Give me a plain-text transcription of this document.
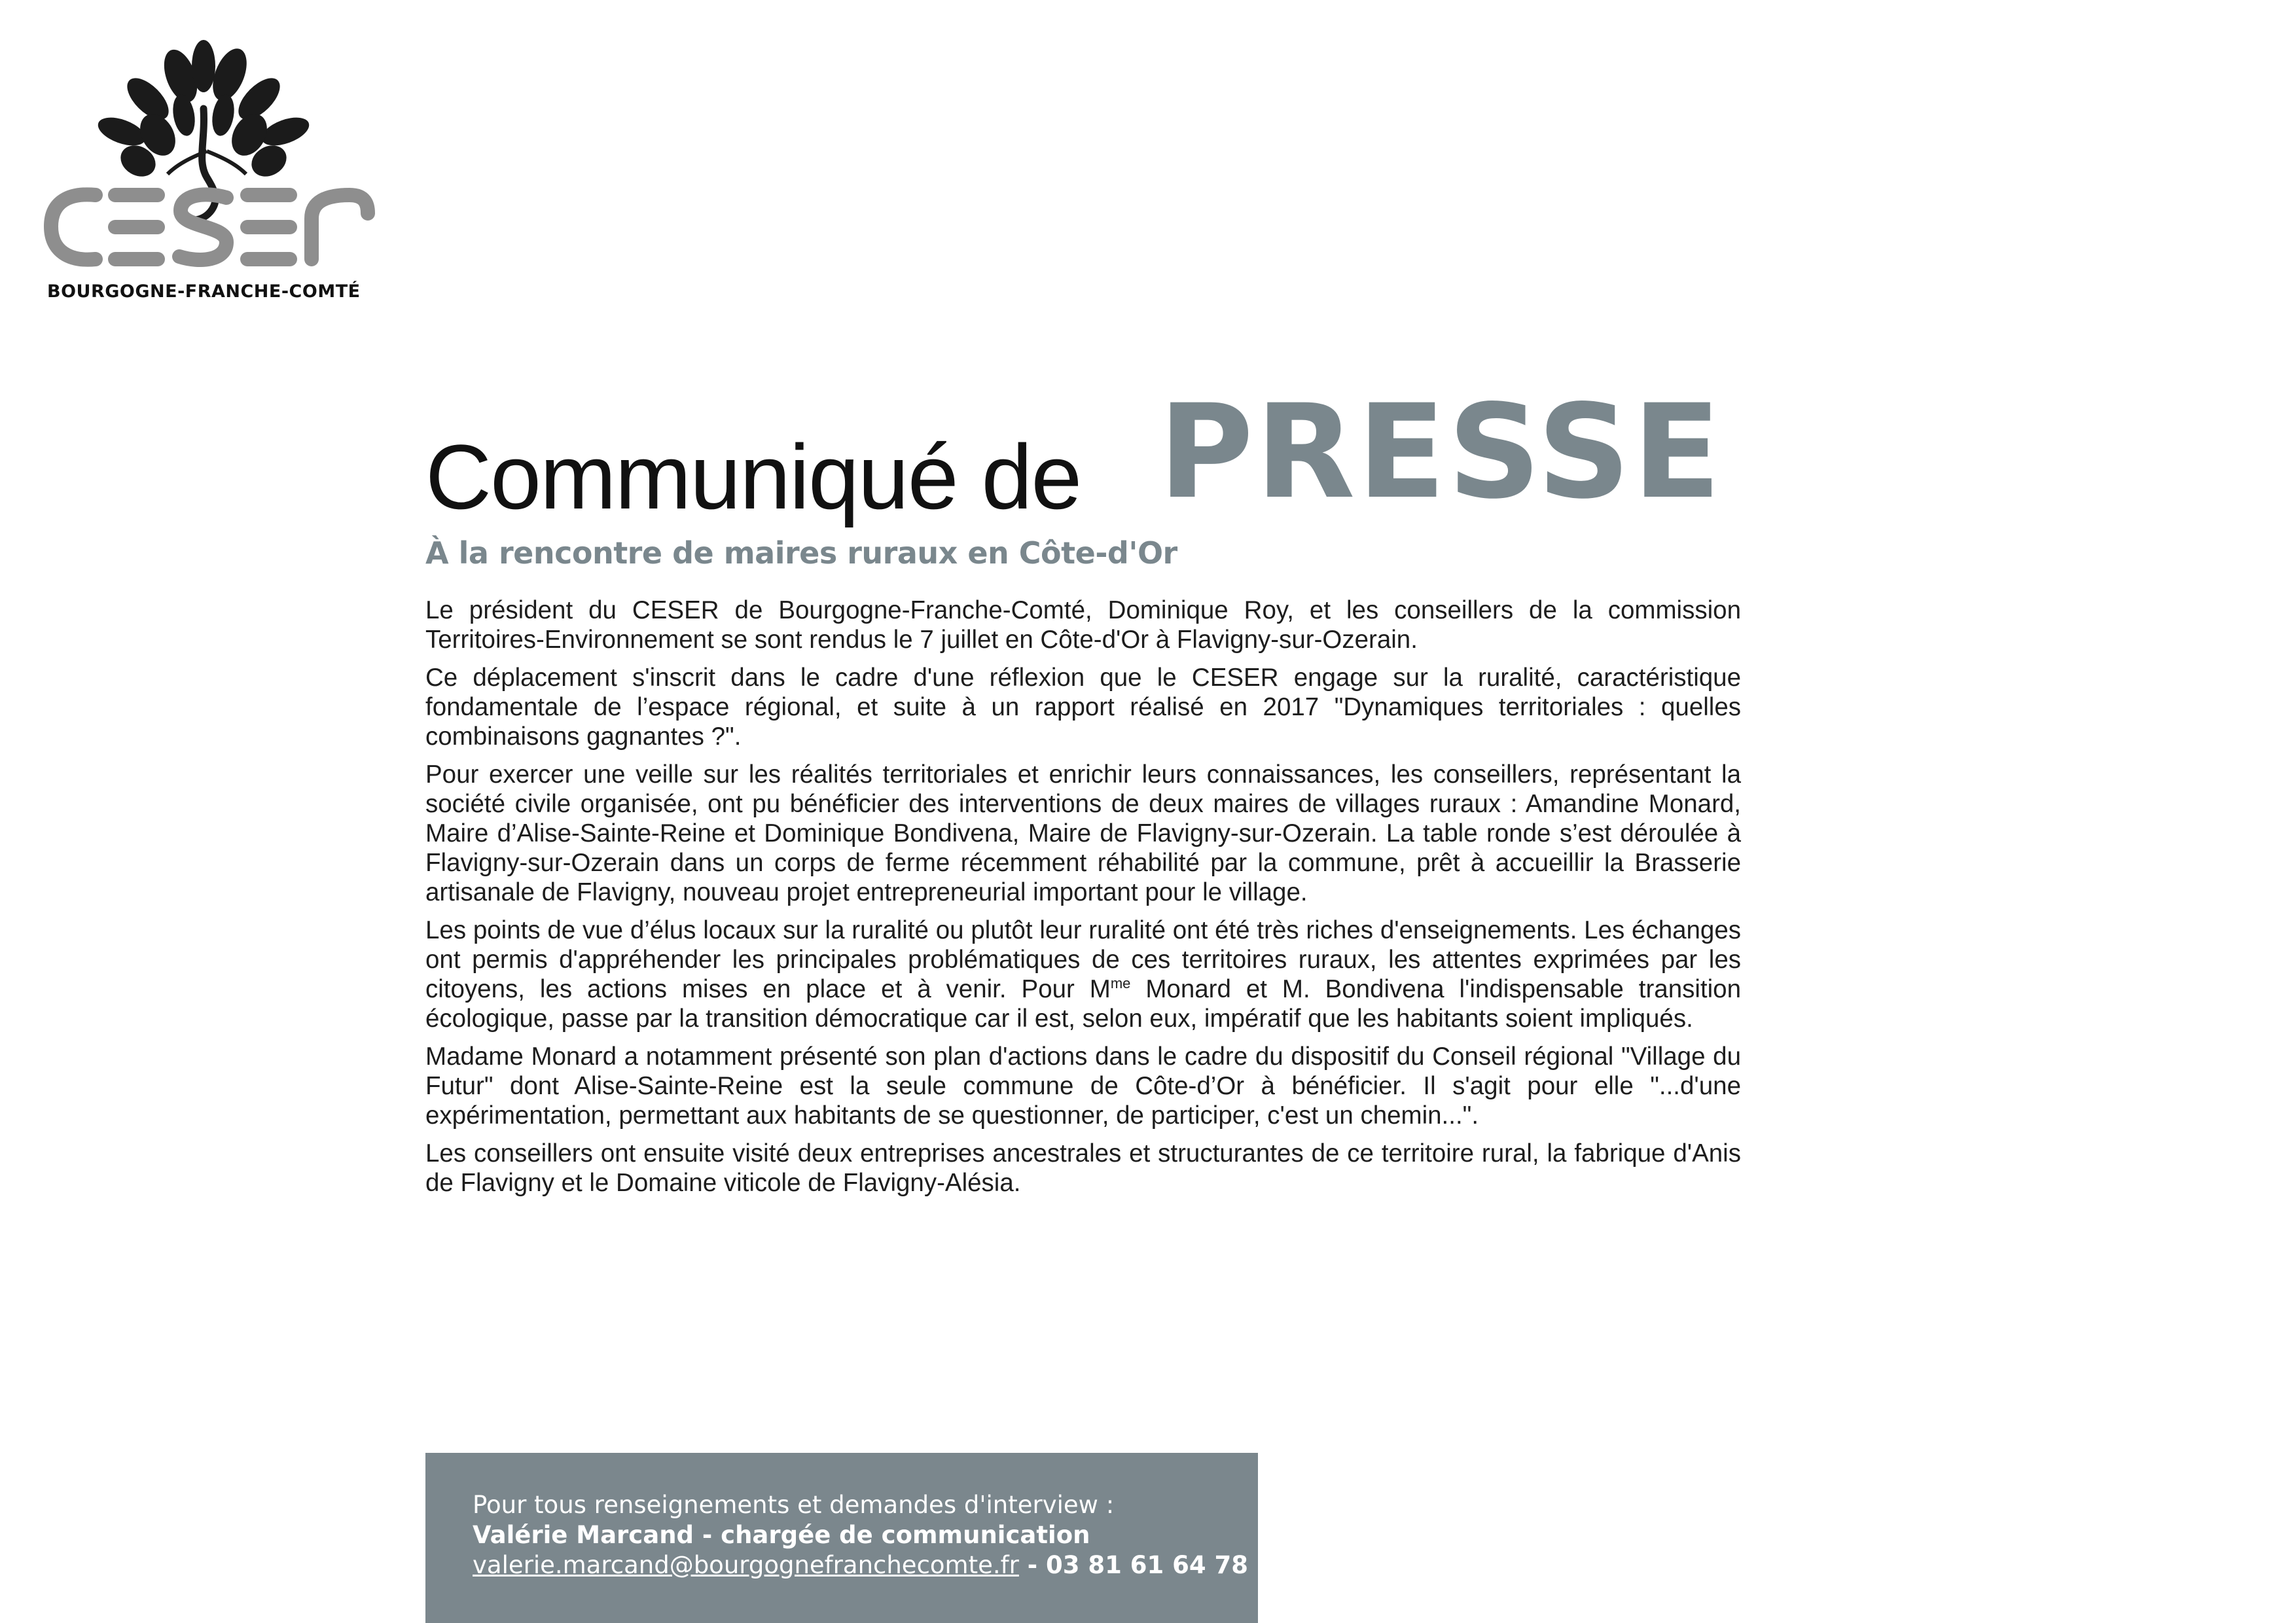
BOURGOGNE-FRANCHE-COMTÉ
Communiqué de PRESSE
À la rencontre de maires ruraux en Côte-d'Or

Le président du CESER de Bourgogne-Franche-Comté, Dominique Roy, et les conseillers de la commission Territoires-Environnement se sont rendus le 7 juillet en Côte-d'Or à Flavigny-sur-Ozerain.

Ce déplacement s'inscrit dans le cadre d'une réflexion que le CESER engage sur la ruralité, caractéristique fondamentale de l’espace régional, et suite à un rapport réalisé en 2017 "Dynamiques territoriales : quelles combinaisons gagnantes ?".

Pour exercer une veille sur les réalités territoriales et enrichir leurs connaissances, les conseillers, représentant la société civile organisée, ont pu bénéficier des interventions de deux maires de villages ruraux : Amandine Monard, Maire d’Alise-Sainte-Reine et Dominique Bondivena, Maire de Flavigny-sur-Ozerain. La table ronde s’est déroulée à Flavigny-sur-Ozerain dans un corps de ferme récemment réhabilité par la commune, prêt à accueillir la Brasserie artisanale de Flavigny, nouveau projet entrepreneurial important pour le village.

Les points de vue d’élus locaux sur la ruralité ou plutôt leur ruralité ont été très riches d'enseignements. Les échanges ont permis d'appréhender les principales problématiques de ces territoires ruraux, les attentes exprimées par les citoyens, les actions mises en place et à venir. Pour $M^{me}$ Monard et M. Bondivena l'indispensable transition écologique, passe par la transition démocratique car il est, selon eux, impératif que les habitants soient impliqués.

Madame Monard a notamment présenté son plan d'actions dans le cadre du dispositif du Conseil régional "Village du Futur" dont Alise-Sainte-Reine est la seule commune de Côte-d’Or à bénéficier. Il s'agit pour elle "...d'une expérimentation, permettant aux habitants de se questionner, de participer, c'est un chemin...".

Les conseillers ont ensuite visité deux entreprises ancestrales et structurantes de ce territoire rural, la fabrique d'Anis de Flavigny et le Domaine viticole de Flavigny-Alésia.

Pour tous renseignements et demandes d'interview :
Valérie Marcand - chargée de communication
valerie.marcand@bourgognefranchecomte.fr - 03 81 61 64 78
